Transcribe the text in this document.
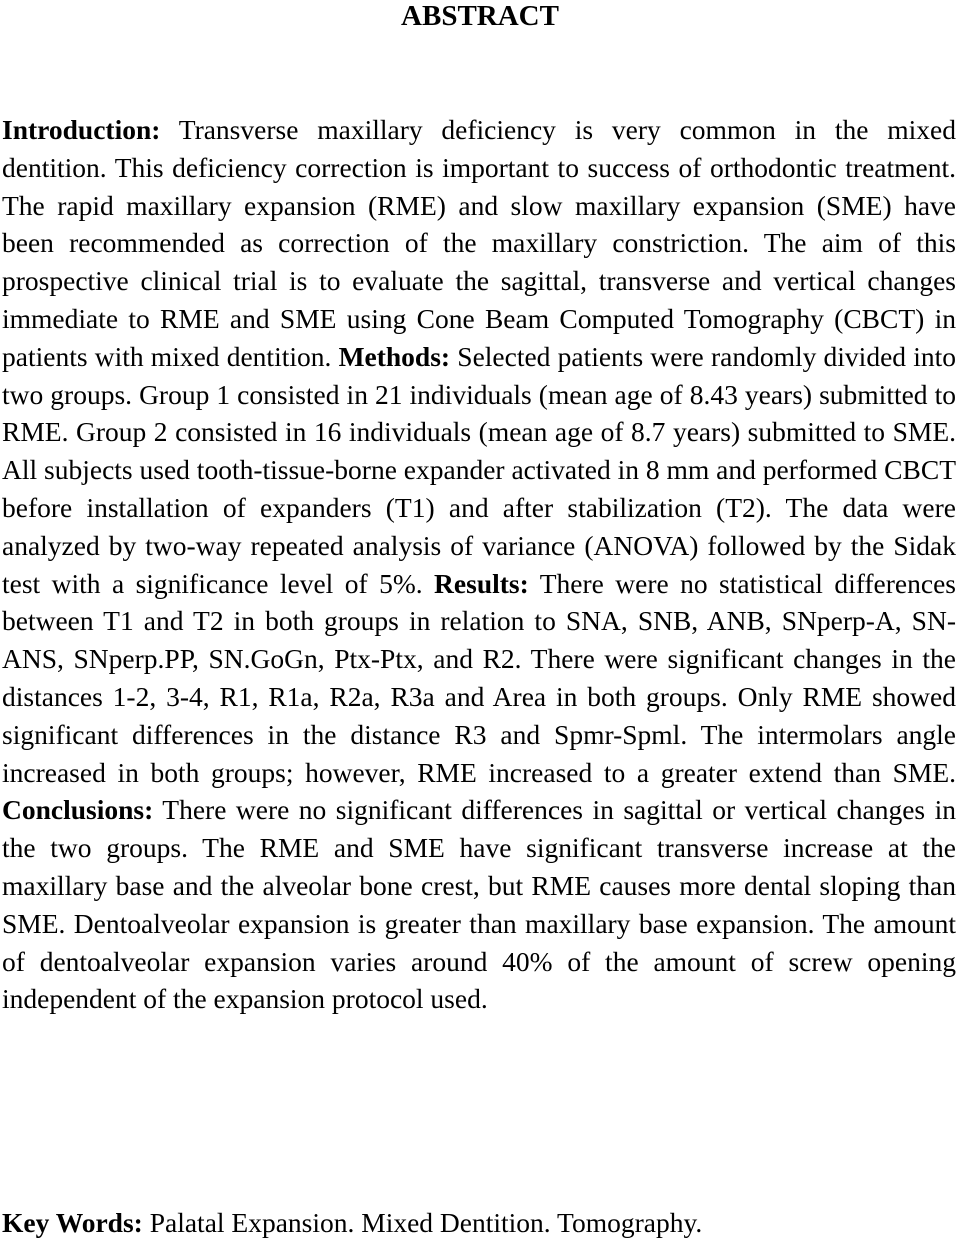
ABSTRACT

Introduction: Transverse maxillary deficiency is very common in the mixed dentition. This deficiency correction is important to success of orthodontic treatment. The rapid maxillary expansion (RME) and slow maxillary expansion (SME) have been recommended as correction of the maxillary constriction. The aim of this prospective clinical trial is to evaluate the sagittal, transverse and vertical changes immediate to RME and SME using Cone Beam Computed Tomography (CBCT) in patients with mixed dentition. Methods: Selected patients were randomly divided into two groups. Group 1 consisted in 21 individuals (mean age of 8.43 years) submitted to RME. Group 2 consisted in 16 individuals (mean age of 8.7 years) submitted to SME. All subjects used tooth-tissue-borne expander activated in 8 mm and performed CBCT before installation of expanders (T1) and after stabilization (T2). The data were analyzed by two-way repeated analysis of variance (ANOVA) followed by the Sidak test with a significance level of 5%. Results: There were no statistical differences between T1 and T2 in both groups in relation to SNA, SNB, ANB, SNperp-A, SN-ANS, SNperp.PP, SN.GoGn, Ptx-Ptx, and R2. There were significant changes in the distances 1-2, 3-4, R1, R1a, R2a, R3a and Area in both groups. Only RME showed significant differences in the distance R3 and Spmr-Spml. The intermolars angle increased in both groups; however, RME increased to a greater extend than SME. Conclusions: There were no significant differences in sagittal or vertical changes in the two groups. The RME and SME have significant transverse increase at the maxillary base and the alveolar bone crest, but RME causes more dental sloping than SME. Dentoalveolar expansion is greater than maxillary base expansion. The amount of dentoalveolar expansion varies around 40% of the amount of screw opening independent of the expansion protocol used.

Key Words: Palatal Expansion. Mixed Dentition. Tomography.
